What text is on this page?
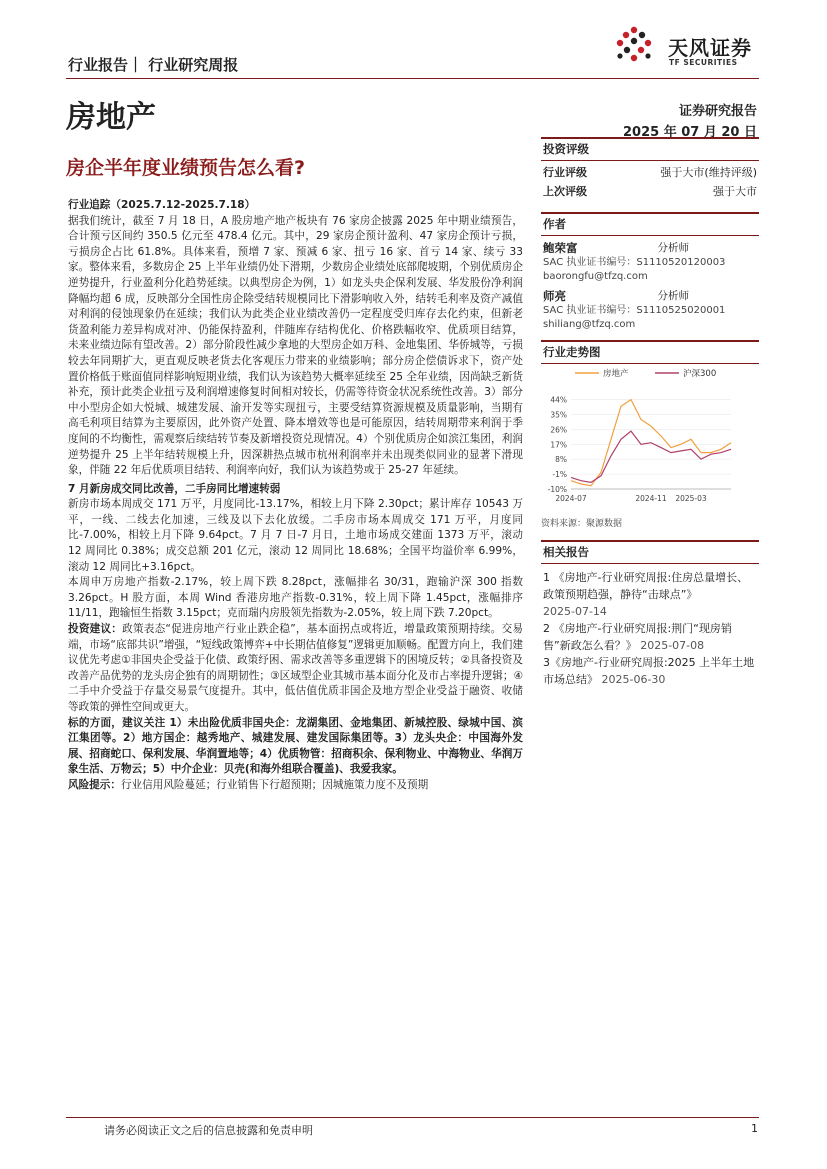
行业报告｜ 行业研究周报
天风证券
TF SECURITIES
房地产	证券研究报告
2025 年 07 月 20 日
房企半年度业绩预告怎么看?

行业追踪（2025.7.12-2025.7.18）

据我们统计，截至 7 月 18 日，A 股房地产地产板块有 76 家房企披露 2025 年中期业绩预告，合计预亏区间约 350.5 亿元至 478.4 亿元。其中，29 家房企预计盈利、47 家房企预计亏损，亏损房企占比 61.8%。具体来看，预增 7 家、预减 6 家、扭亏 16 家、首亏 14 家、续亏 33 家。整体来看，多数房企 25 上半年业绩仍处下滑期，少数房企业绩处底部爬坡期，个别优质房企逆势提升，行业盈利分化趋势延续。以典型房企为例，1）如龙头央企保利发展、华发股份净利润降幅均超 6 成，反映部分全国性房企除受结转规模同比下滑影响收入外，结转毛利率及资产减值对利润的侵蚀现象仍在延续；我们认为此类企业业绩改善仍一定程度受归库存去化约束，但新老货盈利能力差异构成对冲、仍能保持盈利，伴随库存结构优化、价格跌幅收窄、优质项目结算，未来业绩边际有望改善。2）部分阶段性减少拿地的大型房企如万科、金地集团、华侨城等，亏损较去年同期扩大，更直观反映老货去化客观压力带来的业绩影响；部分房企偿债诉求下，资产处置价格低于账面值同样影响短期业绩，我们认为该趋势大概率延续至 25 全年业绩，因尚缺乏新货补充，预计此类企业扭亏及利润增速修复时间相对较长，仍需等待资金状况系统性改善。3）部分中小型房企如大悦城、城建发展、渝开发等实现扭亏，主要受结算资源规模及质量影响，当期有高毛利项目结算为主要原因，此外资产处置、降本增效等也是可能原因，结转周期带来利润于季度间的不均衡性，需观察后续结转节奏及新增投资兑现情况。4）个别优质房企如滨江集团，利润逆势提升 25 上半年结转规模上升，因深耕热点城市杭州利润率并未出现类似同业的显著下滑现象，伴随 22 年后优质项目结转、利润率向好，我们认为该趋势或于 25-27 年延续。

7 月新房成交同比改善，二手房同比增速转弱

新房市场本周成交 171 万平，月度同比-13.17%，相较上月下降 2.30pct；累计库存 10543 万平，一线、二线去化加速，三线及以下去化放缓。二手房市场本周成交 171 万平，月度同比-7.00%，相较上月下降 9.64pct。7 月 7 日-7 月日，土地市场成交建面 1373 万平，滚动 12 周同比 0.38%；成交总额 201 亿元，滚动 12 周同比 18.68%；全国平均溢价率 6.99%，滚动 12 周同比+3.16pct。

本周申万房地产指数-2.17%，较上周下跌 8.28pct，涨幅排名 30/31，跑输沪深 300 指数 3.26pct。H 股方面，本周 Wind 香港房地产指数-0.31%，较上周下降 1.45pct，涨幅排序 11/11，跑输恒生指数 3.15pct；克而瑞内房股领先指数为-2.05%，较上周下跌 7.20pct。

投资建议：政策表态“促进房地产行业止跌企稳”，基本面拐点或将近，增量政策预期持续。交易端，市场“底部共识”增强，“短线政策博弈+中长期估值修复”逻辑更加顺畅。配置方向上，我们建议优先考虑①非国央企受益于化债、政策纾困、需求改善等多重逻辑下的困境反转；②具备投资及改善产品优势的龙头房企独有的周期韧性；③区域型企业其城市基本面分化及市占率提升逻辑；④二手中介受益于存量交易景气度提升。其中，低估值优质非国企及地方型企业受益于融资、收储等政策的弹性空间或更大。

标的方面，建议关注 1）未出险优质非国央企：龙湖集团、金地集团、新城控股、绿城中国、滨江集团等。2）地方国企：越秀地产、城建发展、建发国际集团等。3）龙头央企：中国海外发展、招商蛇口、保利发展、华润置地等；4）优质物管：招商积余、保利物业、中海物业、华润万象生活、万物云；5）中介企业：贝壳(和海外组联合覆盖)、我爱我家。

风险提示：行业信用风险蔓延；行业销售下行超预期；因城施策力度不及预期

投资评级
行业评级	强于大市(维持评级)
上次评级	强于大市
作者
鲍荣富	分析师
SAC 执业证书编号：S1110520120003
baorongfu@tfzq.com
师亮	分析师
SAC 执业证书编号：S1110525020001
shiliang@tfzq.com
行业走势图
房地产	沪深300
44%
35%
26%
17%
8%
-1%
-10%
2024-07	2024-11 2025-03
资料来源：聚源数据
相关报告
1 《房地产-行业研究周报:住房总量增长、政策预期趋强，静待“击球点”》
2025-07-14
2 《房地产-行业研究周报:荆门“现房销售”新政怎么看？》 2025-07-08
3《房地产-行业研究周报:2025 上半年土地市场总结》 2025-06-30
请务必阅读正文之后的信息披露和免责申明	1
